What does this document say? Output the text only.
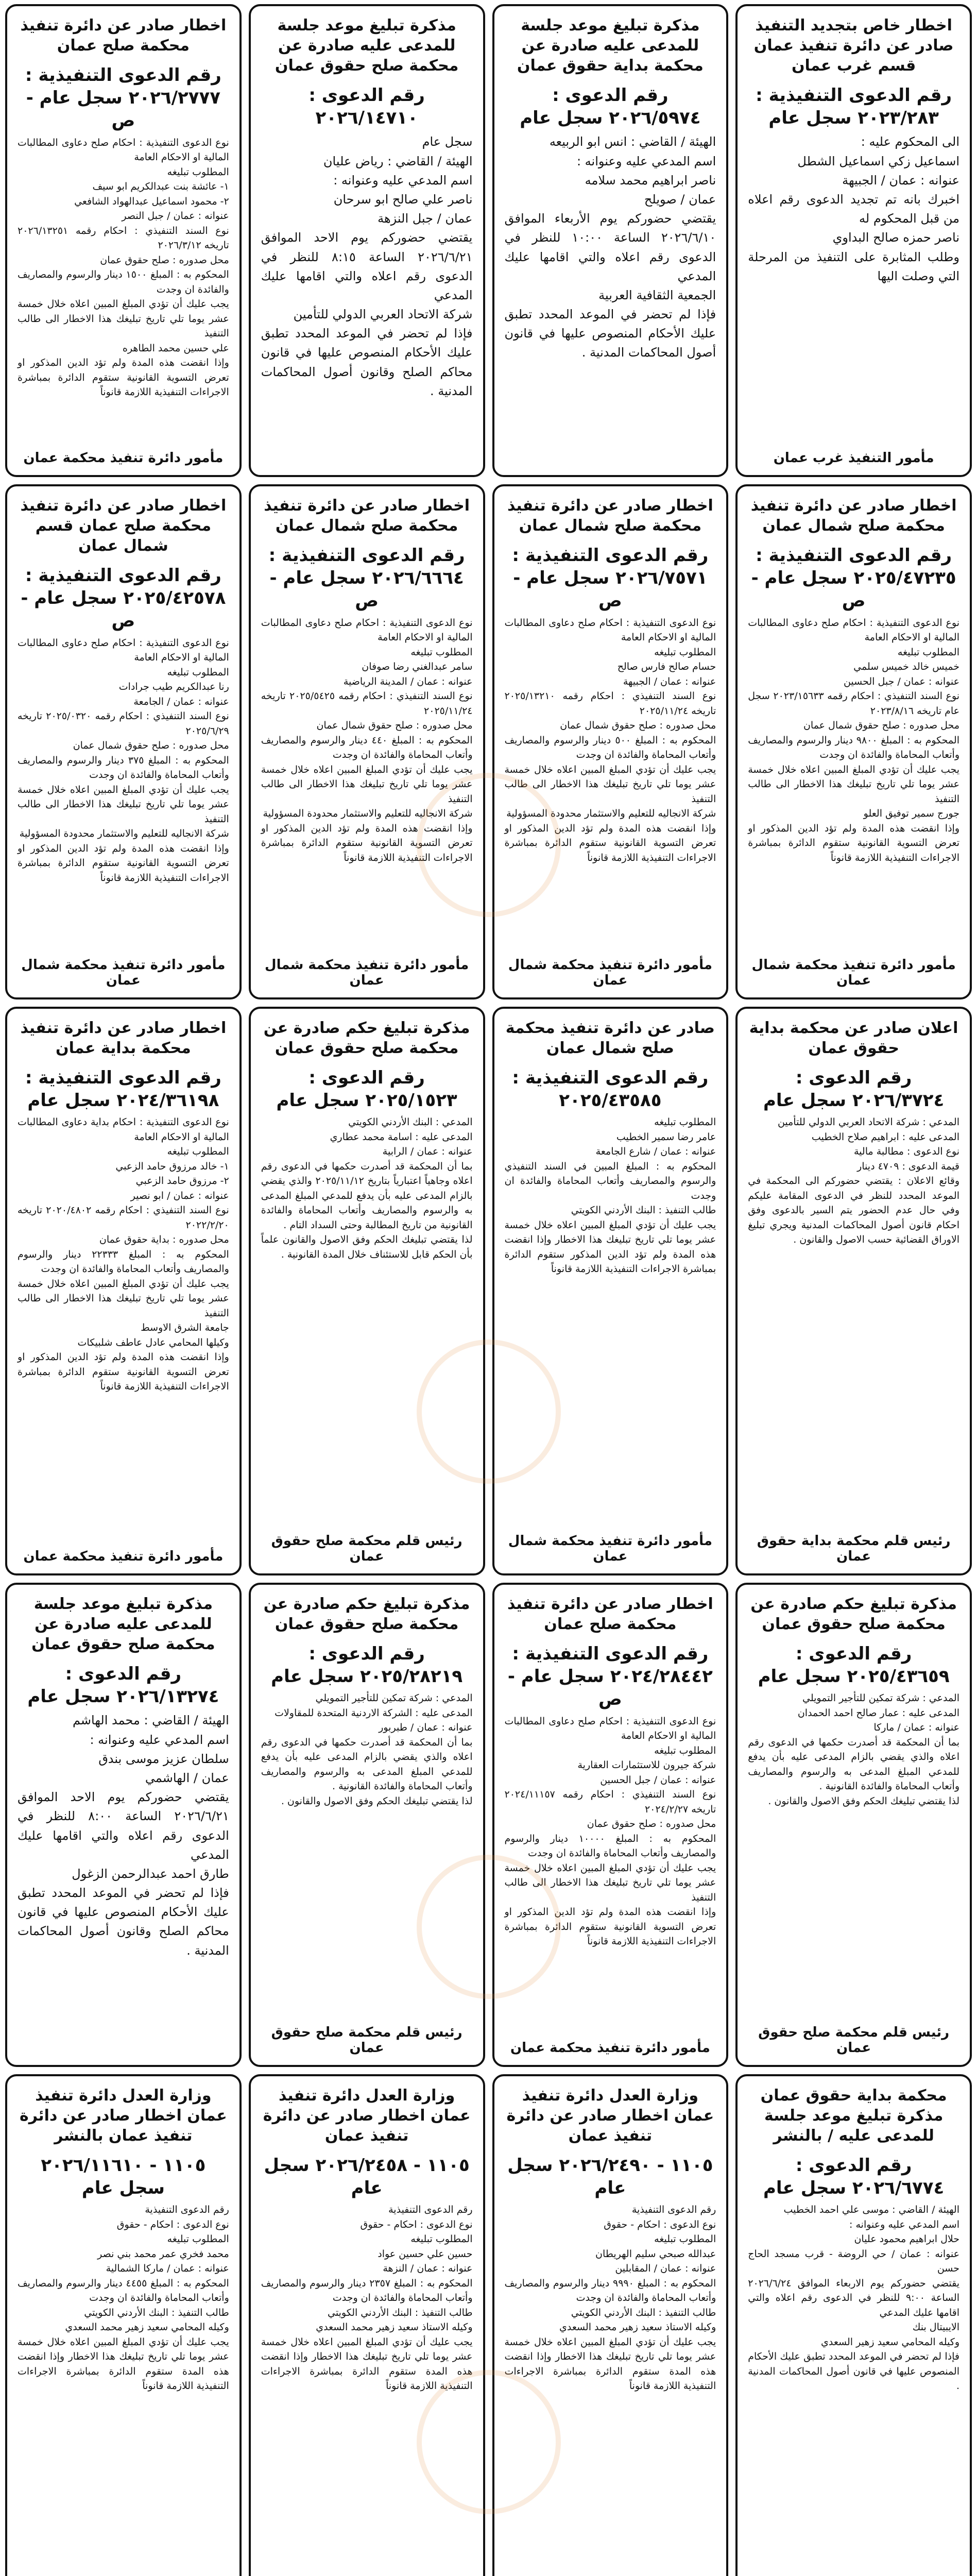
اخطار خاص بتجديد التنفيذ صادر عن دائرة تنفيذ عمان قسم غرب عمان
رقم الدعوى التنفيذية : ٢٠٢٣/٢٨٣ سجل عام
الى المحكوم عليه :
اسماعيل زكي اسماعيل الشطل
عنوانه : عمان / الجبيهة
اخبرك بانه تم تجديد الدعوى رقم اعلاه من قبل المحكوم له
ناصر حمزه صالح البداوي
وطلب المثابرة على التنفيذ من المرحلة التي وصلت اليها
مأمور التنفيذ غرب عمان
مذكرة تبليغ موعد جلسة للمدعى عليه صادرة عن محكمة بداية حقوق عمان
رقم الدعوى : ٢٠٢٦/٥٩٧٤ سجل عام
الهيئة / القاضي : انس ابو الربيعه
اسم المدعي عليه وعنوانه :
ناصر ابراهيم محمد سلامه
عمان / صويلح
يقتضي حضوركم يوم الأربعاء الموافق ٢٠٢٦/٦/١٠ الساعة ١٠:٠٠ للنظر في الدعوى رقم اعلاه والتي اقامها عليك المدعي
الجمعية الثقافية العربية
فإذا لم تحضر في الموعد المحدد تطبق عليك الأحكام المنصوص عليها في قانون أصول المحاكمات المدنية .
مذكرة تبليغ موعد جلسة للمدعى عليه صادرة عن محكمة صلح حقوق عمان
رقم الدعوى : ٢٠٢٦/١٤٧١٠
سجل عام
الهيئة / القاضي : رياض عليان
اسم المدعي عليه وعنوانه :
ناصر علي صالح ابو سرحان
عمان / جبل النزهة
يقتضي حضوركم يوم الاحد الموافق ٢٠٢٦/٦/٢١ الساعة ٨:١٥ للنظر في الدعوى رقم اعلاه والتي اقامها عليك المدعي
شركة الاتحاد العربي الدولي للتأمين
فإذا لم تحضر في الموعد المحدد تطبق عليك الأحكام المنصوص عليها في قانون محاكم الصلح وقانون أصول المحاكمات المدنية .
اخطار صادر عن دائرة تنفيذ محكمة صلح عمان
رقم الدعوى التنفيذية : ٢٠٢٦/٢٧٧٧ سجل عام - ص
نوع الدعوى التنفيذية : احكام صلح دعاوى المطالبات المالية او الاحكام العامة
المطلوب تبليغه
١- عائشة بنت عبدالكريم ابو سيف
٢- محمود اسماعيل عبدالهواد الشافعي
عنوانه : عمان / جبل النصر
نوع السند التنفيذي : احكام رقمه ٢٠٢٦/١٣٢٥١ تاريخه ٢٠٢٦/٣/١٢
محل صدوره : صلح حقوق عمان
المحكوم به : المبلغ ١٥٠٠ دينار والرسوم والمصاريف والفائدة ان وجدت
يجب عليك أن تؤدي المبلغ المبين اعلاه خلال خمسة عشر يوما تلي تاريخ تبليغك هذا الاخطار الى طالب التنفيذ
علي حسين محمد الطاهره
وإذا انقضت هذه المدة ولم تؤد الدين المذكور او تعرض التسوية القانونية ستقوم الدائرة بمباشرة الاجراءات التنفيذية اللازمة قانوناً
مأمور دائرة تنفيذ محكمة عمان
اخطار صادر عن دائرة تنفيذ محكمة صلح شمال عمان
رقم الدعوى التنفيذية : ٢٠٢٥/٤٧٢٣٥ سجل عام - ص
نوع الدعوى التنفيذية : احكام صلح دعاوى المطالبات المالية او الاحكام العامة
المطلوب تبليغه
خميس خالد خميس سلمي
عنوانه : عمان / جبل الحسين
نوع السند التنفيذي : احكام رقمه ٢٠٢٣/١٥٦٣٣ سجل عام تاريخه ٢٠٢٣/٨/١٦
محل صدوره : صلح حقوق شمال عمان
المحكوم به : المبلغ ٩٨٠٠ دينار والرسوم والمصاريف وأتعاب المحاماة والفائدة ان وجدت
يجب عليك أن تؤدي المبلغ المبين اعلاه خلال خمسة عشر يوما تلي تاريخ تبليغك هذا الاخطار الى طالب التنفيذ
جورج سمير توفيق العلو
وإذا انقضت هذه المدة ولم تؤد الدين المذكور او تعرض التسوية القانونية ستقوم الدائرة بمباشرة الاجراءات التنفيذية اللازمة قانوناً
مأمور دائرة تنفيذ محكمة شمال عمان
اخطار صادر عن دائرة تنفيذ محكمة صلح شمال عمان
رقم الدعوى التنفيذية : ٢٠٢٦/٧٥٧١ سجل عام - ص
نوع الدعوى التنفيذية : احكام صلح دعاوى المطالبات المالية او الاحكام العامة
المطلوب تبليغه
حسام صالح فارس صالح
عنوانه : عمان / الجبيهة
نوع السند التنفيذي : احكام رقمه ٢٠٢٥/١٣٢١٠ تاريخه ٢٠٢٥/١١/٢٤
محل صدوره : صلح حقوق شمال عمان
المحكوم به : المبلغ ٥٠٠ دينار والرسوم والمصاريف وأتعاب المحاماة والفائدة ان وجدت
يجب عليك أن تؤدي المبلغ المبين اعلاه خلال خمسة عشر يوما تلي تاريخ تبليغك هذا الاخطار الى طالب التنفيذ
شركة الانجاليه للتعليم والاستثمار محدودة المسؤولية
وإذا انقضت هذه المدة ولم تؤد الدين المذكور او تعرض التسوية القانونية ستقوم الدائرة بمباشرة الاجراءات التنفيذية اللازمة قانوناً
مأمور دائرة تنفيذ محكمة شمال عمان
اخطار صادر عن دائرة تنفيذ محكمة صلح شمال عمان
رقم الدعوى التنفيذية : ٢٠٢٦/٦٦٦٤ سجل عام - ص
نوع الدعوى التنفيذية : احكام صلح دعاوى المطالبات المالية او الاحكام العامة
المطلوب تبليغه
سامر عبدالغني رضا صوفان
عنوانه : عمان / المدينة الرياضية
نوع السند التنفيذي : احكام رقمه ٢٠٢٥/٥٤٢٥ تاريخه ٢٠٢٥/١١/٢٤
محل صدوره : صلح حقوق شمال عمان
المحكوم به : المبلغ ٤٤٠ دينار والرسوم والمصاريف وأتعاب المحاماة والفائدة ان وجدت
يجب عليك أن تؤدي المبلغ المبين اعلاه خلال خمسة عشر يوما تلي تاريخ تبليغك هذا الاخطار الى طالب التنفيذ
شركة الانجاليه للتعليم والاستثمار محدودة المسؤولية
وإذا انقضت هذه المدة ولم تؤد الدين المذكور او تعرض التسوية القانونية ستقوم الدائرة بمباشرة الاجراءات التنفيذية اللازمة قانوناً
مأمور دائرة تنفيذ محكمة شمال عمان
اخطار صادر عن دائرة تنفيذ محكمة صلح عمان قسم شمال عمان
رقم الدعوى التنفيذية : ٢٠٢٥/٤٢٥٧٨ سجل عام - ص
نوع الدعوى التنفيذية : احكام صلح دعاوى المطالبات المالية او الاحكام العامة
المطلوب تبليغه
رنا عبدالكريم طيب جرادات
عنوانه : عمان / الجامعة
نوع السند التنفيذي : احكام رقمه ٢٠٢٥/٠٣٢٠ تاريخه ٢٠٢٥/٦/٢٩
محل صدوره : صلح حقوق شمال عمان
المحكوم به : المبلغ ٣٧٥ دينار والرسوم والمصاريف وأتعاب المحاماة والفائدة ان وجدت
يجب عليك أن تؤدي المبلغ المبين اعلاه خلال خمسة عشر يوما تلي تاريخ تبليغك هذا الاخطار الى طالب التنفيذ
شركة الانجاليه للتعليم والاستثمار محدودة المسؤولية
وإذا انقضت هذه المدة ولم تؤد الدين المذكور او تعرض التسوية القانونية ستقوم الدائرة بمباشرة الاجراءات التنفيذية اللازمة قانوناً
مأمور دائرة تنفيذ محكمة شمال عمان
اعلان صادر عن محكمة بداية حقوق عمان
رقم الدعوى : ٢٠٢٦/٣٧٢٤ سجل عام
المدعي : شركة الاتحاد العربي الدولي للتأمين
المدعى عليه : ابراهيم صلاح الخطيب
نوع الدعوى : مطالبة مالية
قيمة الدعوى : ٤٧٠٩ دينار
وقائع الاعلان : يقتضي حضوركم الى المحكمة في الموعد المحدد للنظر في الدعوى المقامة عليكم وفي حال عدم الحضور يتم السير بالدعوى وفق احكام قانون أصول المحاكمات المدنية ويجري تبليغ الاوراق القضائية حسب الاصول والقانون .
رئيس قلم محكمة بداية حقوق عمان
صادر عن دائرة تنفيذ محكمة صلح شمال عمان
رقم الدعوى التنفيذية : ٢٠٢٥/٤٣٥٨٥
المطلوب تبليغه
عامر رضا سمير الخطيب
عنوانه : عمان / شارع الجامعة
المحكوم به : المبلغ المبين في السند التنفيذي والرسوم والمصاريف وأتعاب المحاماة والفائدة ان وجدت
طالب التنفيذ : البنك الأردني الكويتي
يجب عليك أن تؤدي المبلغ المبين اعلاه خلال خمسة عشر يوما تلي تاريخ تبليغك هذا الاخطار وإذا انقضت هذه المدة ولم تؤد الدين المذكور ستقوم الدائرة بمباشرة الاجراءات التنفيذية اللازمة قانوناً
مأمور دائرة تنفيذ محكمة شمال عمان
مذكرة تبليغ حكم صادرة عن محكمة صلح حقوق عمان
رقم الدعوى : ٢٠٢٥/١٥٢٣ سجل عام
المدعي : البنك الأردني الكويتي
المدعى عليه : اسامة محمد عطاري
عنوانه : عمان / الرابية
بما أن المحكمة قد أصدرت حكمها في الدعوى رقم اعلاه وجاهياً اعتبارياً بتاريخ ٢٠٢٥/١١/١٢ والذي يقضي بالزام المدعى عليه بأن يدفع للمدعي المبلغ المدعى به والرسوم والمصاريف وأتعاب المحاماة والفائدة القانونية من تاريخ المطالبة وحتى السداد التام .
لذا يقتضي تبليغك الحكم وفق الاصول والقانون علماً بأن الحكم قابل للاستئناف خلال المدة القانونية .
رئيس قلم محكمة صلح حقوق عمان
اخطار صادر عن دائرة تنفيذ محكمة بداية عمان
رقم الدعوى التنفيذية : ٢٠٢٤/٣٦١٩٨ سجل عام
نوع الدعوى التنفيذية : احكام بداية دعاوى المطالبات المالية او الاحكام العامة
المطلوب تبليغه
١- خالد مرزوق حامد الزعبي
٢- مرزوق حامد الزعبي
عنوانه : عمان / ابو نصير
نوع السند التنفيذي : احكام رقمه ٢٠٢٠/٤٨٠٢ تاريخه ٢٠٢٢/٢/٢٠
محل صدوره : بداية حقوق عمان
المحكوم به : المبلغ ٢٢٣٣٣ دينار والرسوم والمصاريف وأتعاب المحاماة والفائدة ان وجدت
يجب عليك أن تؤدي المبلغ المبين اعلاه خلال خمسة عشر يوما تلي تاريخ تبليغك هذا الاخطار الى طالب التنفيذ
جامعة الشرق الاوسط
وكيلها المحامي عادل عاطف شلبيكات
وإذا انقضت هذه المدة ولم تؤد الدين المذكور او تعرض التسوية القانونية ستقوم الدائرة بمباشرة الاجراءات التنفيذية اللازمة قانوناً
مأمور دائرة تنفيذ محكمة عمان
مذكرة تبليغ حكم صادرة عن محكمة صلح حقوق عمان
رقم الدعوى : ٢٠٢٥/٤٣٦٥٩ سجل عام
المدعي : شركة تمكين للتأجير التمويلي
المدعى عليه : عمار صالح احمد الحمدان
عنوانه : عمان / ماركا
بما أن المحكمة قد أصدرت حكمها في الدعوى رقم اعلاه والذي يقضي بالزام المدعى عليه بأن يدفع للمدعي المبلغ المدعى به والرسوم والمصاريف وأتعاب المحاماة والفائدة القانونية .
لذا يقتضي تبليغك الحكم وفق الاصول والقانون .
رئيس قلم محكمة صلح حقوق عمان
اخطار صادر عن دائرة تنفيذ محكمة صلح عمان
رقم الدعوى التنفيذية : ٢٠٢٤/٢٨٤٤٢ سجل عام - ص
نوع الدعوى التنفيذية : احكام صلح دعاوى المطالبات المالية او الاحكام العامة
المطلوب تبليغه
شركة جيرون للاستثمارات العقارية
عنوانه : عمان / جبل الحسين
نوع السند التنفيذي : احكام رقمه ٢٠٢٤/١١١٥٧ تاريخه ٢٠٢٤/٢/٢٧
محل صدوره : صلح حقوق عمان
المحكوم به : المبلغ ١٠٠٠٠ دينار والرسوم والمصاريف وأتعاب المحاماة والفائدة ان وجدت
يجب عليك أن تؤدي المبلغ المبين اعلاه خلال خمسة عشر يوما تلي تاريخ تبليغك هذا الاخطار الى طالب التنفيذ
وإذا انقضت هذه المدة ولم تؤد الدين المذكور او تعرض التسوية القانونية ستقوم الدائرة بمباشرة الاجراءات التنفيذية اللازمة قانوناً
مأمور دائرة تنفيذ محكمة عمان
مذكرة تبليغ حكم صادرة عن محكمة صلح حقوق عمان
رقم الدعوى : ٢٠٢٥/٢٨٢١٩ سجل عام
المدعي : شركة تمكين للتأجير التمويلي
المدعى عليه : الشركة الاردنية المتحدة للمقاولات
عنوانه : عمان / طبربور
بما أن المحكمة قد أصدرت حكمها في الدعوى رقم اعلاه والذي يقضي بالزام المدعى عليه بأن يدفع للمدعي المبلغ المدعى به والرسوم والمصاريف وأتعاب المحاماة والفائدة القانونية .
لذا يقتضي تبليغك الحكم وفق الاصول والقانون .
رئيس قلم محكمة صلح حقوق عمان
مذكرة تبليغ موعد جلسة للمدعى عليه صادرة عن محكمة صلح حقوق عمان
رقم الدعوى : ٢٠٢٦/١٣٢٧٤ سجل عام
الهيئة / القاضي : محمد الهاشم
اسم المدعي عليه وعنوانه :
سلطان عزيز موسى بندق
عمان / الهاشمي
يقتضي حضوركم يوم الاحد الموافق ٢٠٢٦/٦/٢١ الساعة ٨:٠٠ للنظر في الدعوى رقم اعلاه والتي اقامها عليك المدعي
طارق احمد عبدالرحمن الزغول
فإذا لم تحضر في الموعد المحدد تطبق عليك الأحكام المنصوص عليها في قانون محاكم الصلح وقانون أصول المحاكمات المدنية .
محكمة بداية حقوق عمان مذكرة تبليغ موعد جلسة للمدعى عليه / بالنشر
رقم الدعوى : ٢٠٢٦/٦٧٧٤ سجل عام
الهيئة / القاضي : موسى علي احمد الخطيب
اسم المدعي عليه وعنوانه :
حلال ابراهيم محمود عليان
عنوانه : عمان / حي الروضة - قرب مسجد الحاج حسن
يقتضي حضوركم يوم الاربعاء الموافق ٢٠٢٦/٦/٢٤ الساعة ٩:٠٠ للنظر في الدعوى رقم اعلاه والتي اقامها عليك المدعي
الايبيتال بنك
وكيله المحامي سعيد زهير السعدي
فإذا لم تحضر في الموعد المحدد تطبق عليك الأحكام المنصوص عليها في قانون أصول المحاكمات المدنية .
وزارة العدل دائرة تنفيذ عمان اخطار صادر عن دائرة تنفيذ عمان
١١٠٥ - ٢٠٢٦/٢٤٩٠ سجل عام
رقم الدعوى التنفيذية
نوع الدعوى : احكام - حقوق
المطلوب تبليغه
عبدالله صبحي سليم الهريطان
عنوانه : عمان / المقابلين
المحكوم به : المبلغ ٩٩٩٠ دينار والرسوم والمصاريف وأتعاب المحاماة والفائدة ان وجدت
طالب التنفيذ : البنك الأردني الكويتي
وكيله الاستاذ سعيد زهير محمد السعدي
يجب عليك أن تؤدي المبلغ المبين اعلاه خلال خمسة عشر يوما تلي تاريخ تبليغك هذا الاخطار وإذا انقضت هذه المدة ستقوم الدائرة بمباشرة الاجراءات التنفيذية اللازمة قانوناً
وزارة العدل دائرة تنفيذ عمان اخطار صادر عن دائرة تنفيذ عمان
١١٠٥ - ٢٠٢٦/٢٤٥٨ سجل عام
رقم الدعوى التنفيذية
نوع الدعوى : احكام - حقوق
المطلوب تبليغه
حسين علي حسين عواد
عنوانه : عمان / النزهة
المحكوم به : المبلغ ٢٣٥٧ دينار والرسوم والمصاريف وأتعاب المحاماة والفائدة ان وجدت
طالب التنفيذ : البنك الأردني الكويتي
وكيله الاستاذ سعيد زهير محمد السعدي
يجب عليك أن تؤدي المبلغ المبين اعلاه خلال خمسة عشر يوما تلي تاريخ تبليغك هذا الاخطار وإذا انقضت هذه المدة ستقوم الدائرة بمباشرة الاجراءات التنفيذية اللازمة قانوناً
وزارة العدل دائرة تنفيذ عمان اخطار صادر عن دائرة تنفيذ عمان بالنشر
١١٠٥ - ٢٠٢٦/١١٦١٠ سجل عام
رقم الدعوى التنفيذية
نوع الدعوى : احكام - حقوق
المطلوب تبليغه
محمد فخري عمر محمد بني نصر
عنوانه : عمان / ماركا الشمالية
المحكوم به : المبلغ ٤٤٥٥ دينار والرسوم والمصاريف وأتعاب المحاماة والفائدة ان وجدت
طالب التنفيذ : البنك الأردني الكويتي
وكيله المحامي سعيد زهير محمد السعدي
يجب عليك أن تؤدي المبلغ المبين اعلاه خلال خمسة عشر يوما تلي تاريخ تبليغك هذا الاخطار وإذا انقضت هذه المدة ستقوم الدائرة بمباشرة الاجراءات التنفيذية اللازمة قانوناً
